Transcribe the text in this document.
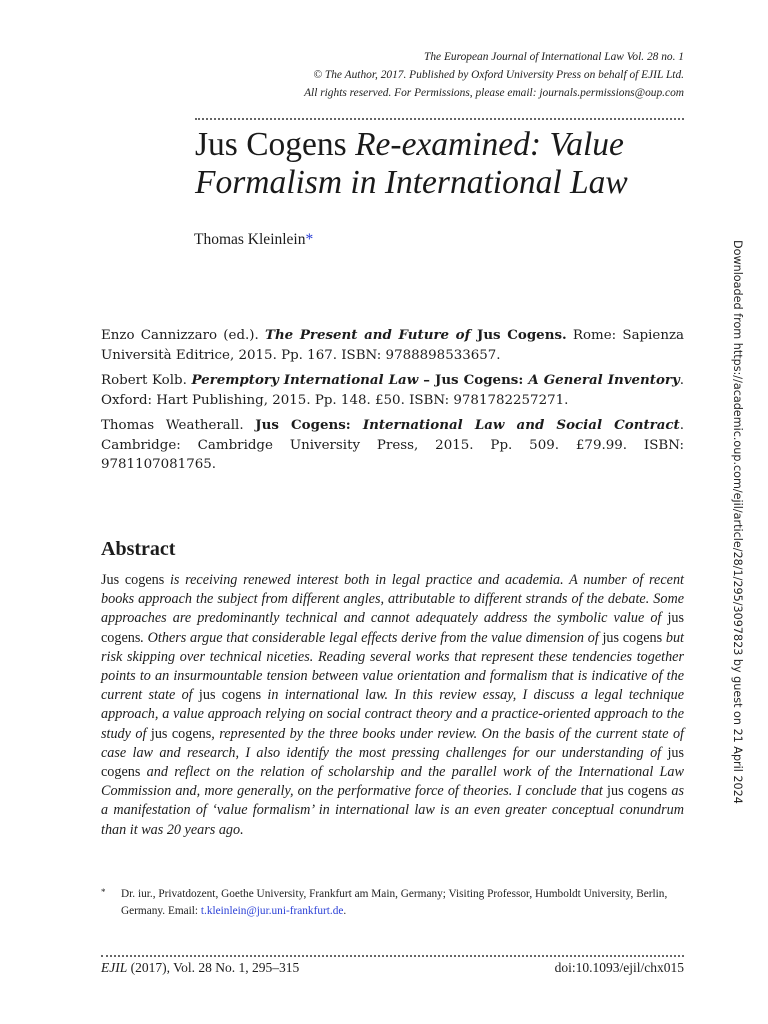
The European Journal of International Law Vol. 28 no. 1
© The Author, 2017. Published by Oxford University Press on behalf of EJIL Ltd.
All rights reserved. For Permissions, please email: journals.permissions@oup.com
Jus Cogens Re-examined: Value Formalism in International Law
Thomas Kleinlein*
Downloaded from https://academic.oup.com/ejil/article/28/1/295/3097823 by guest on 21 April 2024

Enzo Cannizzaro (ed.). The Present and Future of Jus Cogens. Rome: Sapienza Università Editrice, 2015. Pp. 167. ISBN: 9788898533657.

Robert Kolb. Peremptory International Law – Jus Cogens: A General Inventory. Oxford: Hart Publishing, 2015. Pp. 148. £50. ISBN: 9781782257271.

Thomas Weatherall. Jus Cogens: International Law and Social Contract. Cambridge: Cambridge University Press, 2015. Pp. 509. £79.99. ISBN: 9781107081765.

Abstract
Jus cogens is receiving renewed interest both in legal practice and academia. A number of recent books approach the subject from different angles, attributable to different strands of the debate. Some approaches are predominantly technical and cannot adequately address the symbolic value of jus cogens. Others argue that considerable legal effects derive from the value dimension of jus cogens but risk skipping over technical niceties. Reading several works that represent these tendencies together points to an insurmountable tension between value orientation and formalism that is indicative of the current state of jus cogens in international law. In this review essay, I discuss a legal technique approach, a value approach relying on social contract theory and a practice-oriented approach to the study of jus cogens, represented by the three books under review. On the basis of the current state of case law and research, I also identify the most pressing challenges for our understanding of jus cogens and reflect on the relation of scholarship and the parallel work of the International Law Commission and, more generally, on the performative force of theories. I conclude that jus cogens as a manifestation of ‘value formalism’ in international law is an even greater conceptual conundrum than it was 20 years ago.
* Dr. iur., Privatdozent, Goethe University, Frankfurt am Main, Germany; Visiting Professor, Humboldt University, Berlin, Germany. Email: t.kleinlein@jur.uni-frankfurt.de.
EJIL (2017), Vol. 28 No. 1, 295–315	doi:10.1093/ejil/chx015
